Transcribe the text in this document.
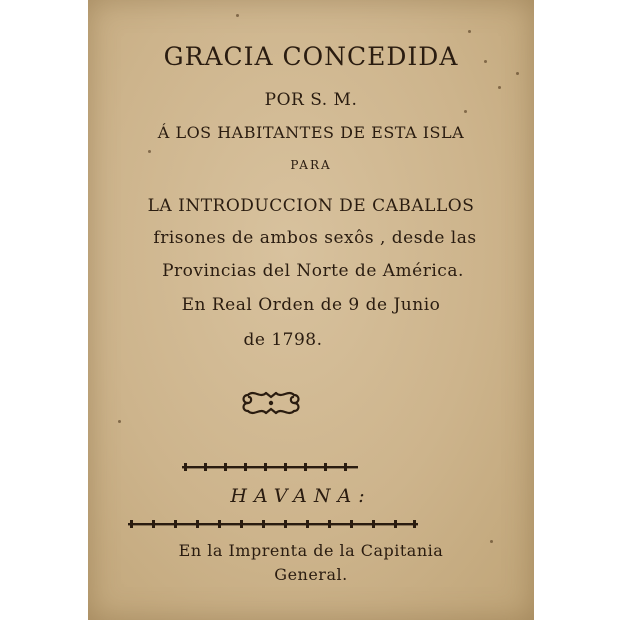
GRACIA CONCEDIDA
POR S. M.
Á LOS HABITANTES DE ESTA ISLA
PARA
LA INTRODUCCION DE CABALLOS
frisones de ambos sexôs , desde las
Provincias del Norte de América.
En Real Orden de 9 de Junio
de 1798.
HAVANA:
En la Imprenta de la Capitania
General.
